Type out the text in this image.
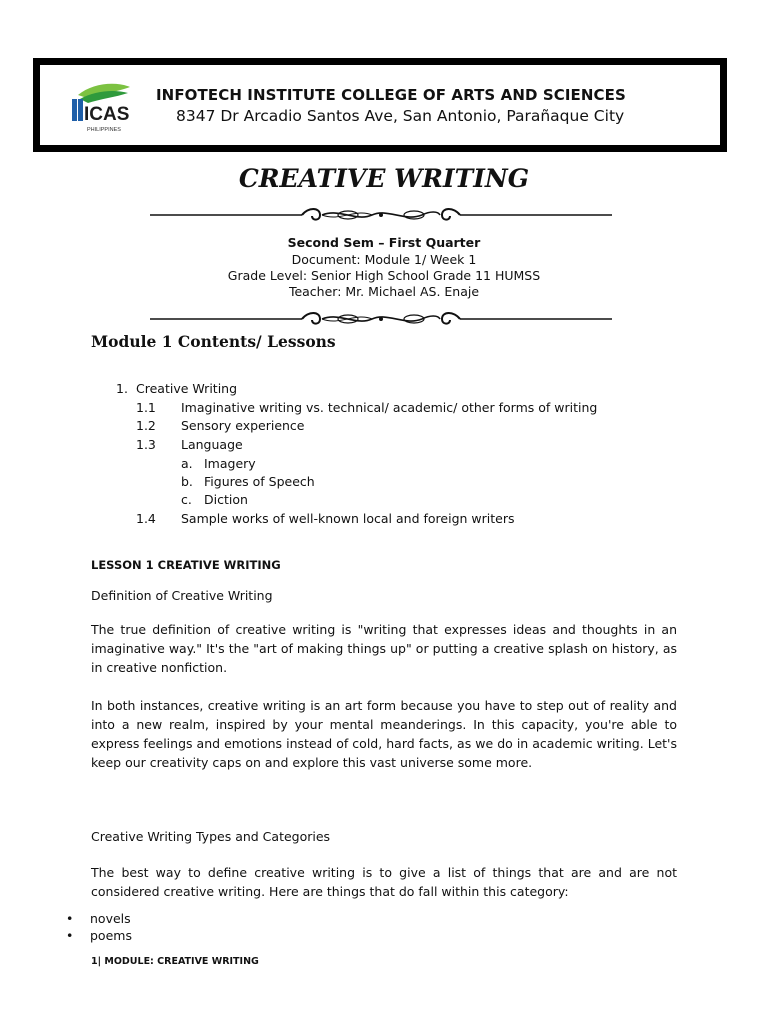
ICAS
PHILIPPINES
INFOTECH INSTITUTE COLLEGE OF ARTS AND SCIENCES
8347 Dr Arcadio Santos Ave, San Antonio, Parañaque City
CREATIVE WRITING
Second Sem – First Quarter
Document: Module 1/ Week 1
Grade Level: Senior High School Grade 11 HUMSS
Teacher: Mr. Michael AS. Enaje
Module 1 Contents/ Lessons
1. Creative Writing
1.1 Imaginative writing vs. technical/ academic/ other forms of writing
1.2 Sensory experience
1.3 Language
a. Imagery
b. Figures of Speech
c. Diction
1.4 Sample works of well-known local and foreign writers
LESSON 1 CREATIVE WRITING
Definition of Creative Writing

The true definition of creative writing is "writing that expresses ideas and thoughts in an imaginative way." It's the "art of making things up" or putting a creative splash on history, as in creative nonfiction.

In both instances, creative writing is an art form because you have to step out of reality and into a new realm, inspired by your mental meanderings. In this capacity, you're able to express feelings and emotions instead of cold, hard facts, as we do in academic writing. Let's keep our creativity caps on and explore this vast universe some more.

Creative Writing Types and Categories

The best way to define creative writing is to give a list of things that are and are not considered creative writing. Here are things that do fall within this category:

• novels
• poems
1| MODULE: CREATIVE WRITING
